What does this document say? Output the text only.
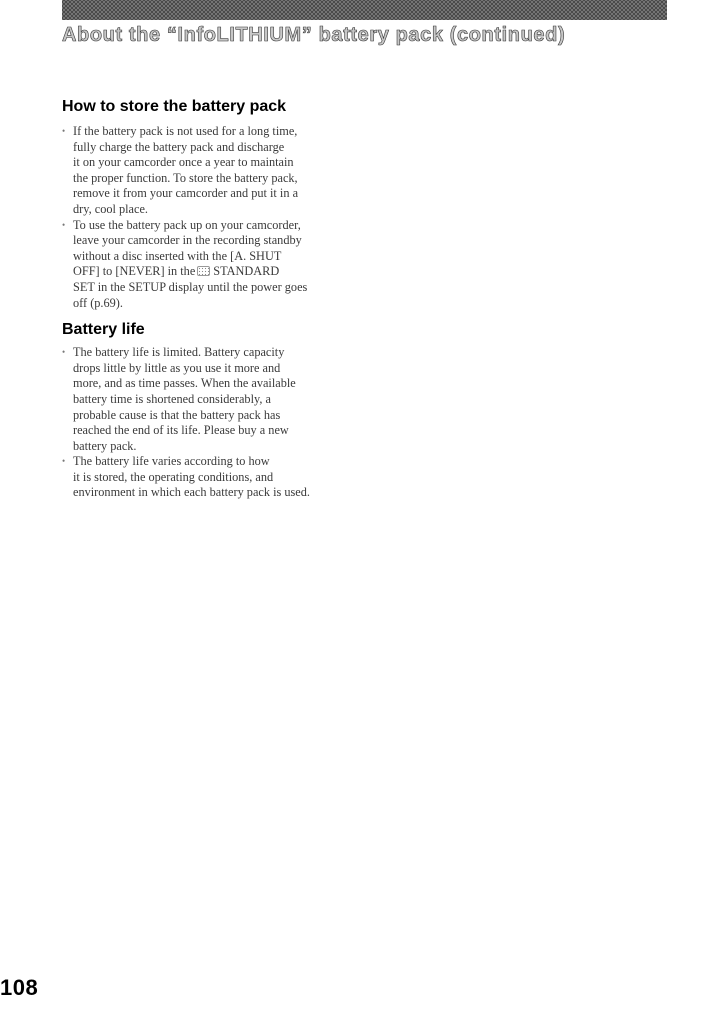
About the “InfoLITHIUM” battery pack (continued)
How to store the battery pack
• If the battery pack is not used for a long time,
fully charge the battery pack and discharge
it on your camcorder once a year to maintain
the proper function. To store the battery pack,
remove it from your camcorder and put it in a
dry, cool place.
• To use the battery pack up on your camcorder,
leave your camcorder in the recording standby
without a disc inserted with the [A. SHUT
OFF] to [NEVER] in the STANDARD
SET in the SETUP display until the power goes
off (p.69).
Battery life
• The battery life is limited. Battery capacity
drops little by little as you use it more and
more, and as time passes. When the available
battery time is shortened considerably, a
probable cause is that the battery pack has
reached the end of its life. Please buy a new
battery pack.
• The battery life varies according to how
it is stored, the operating conditions, and
environment in which each battery pack is used.
108
